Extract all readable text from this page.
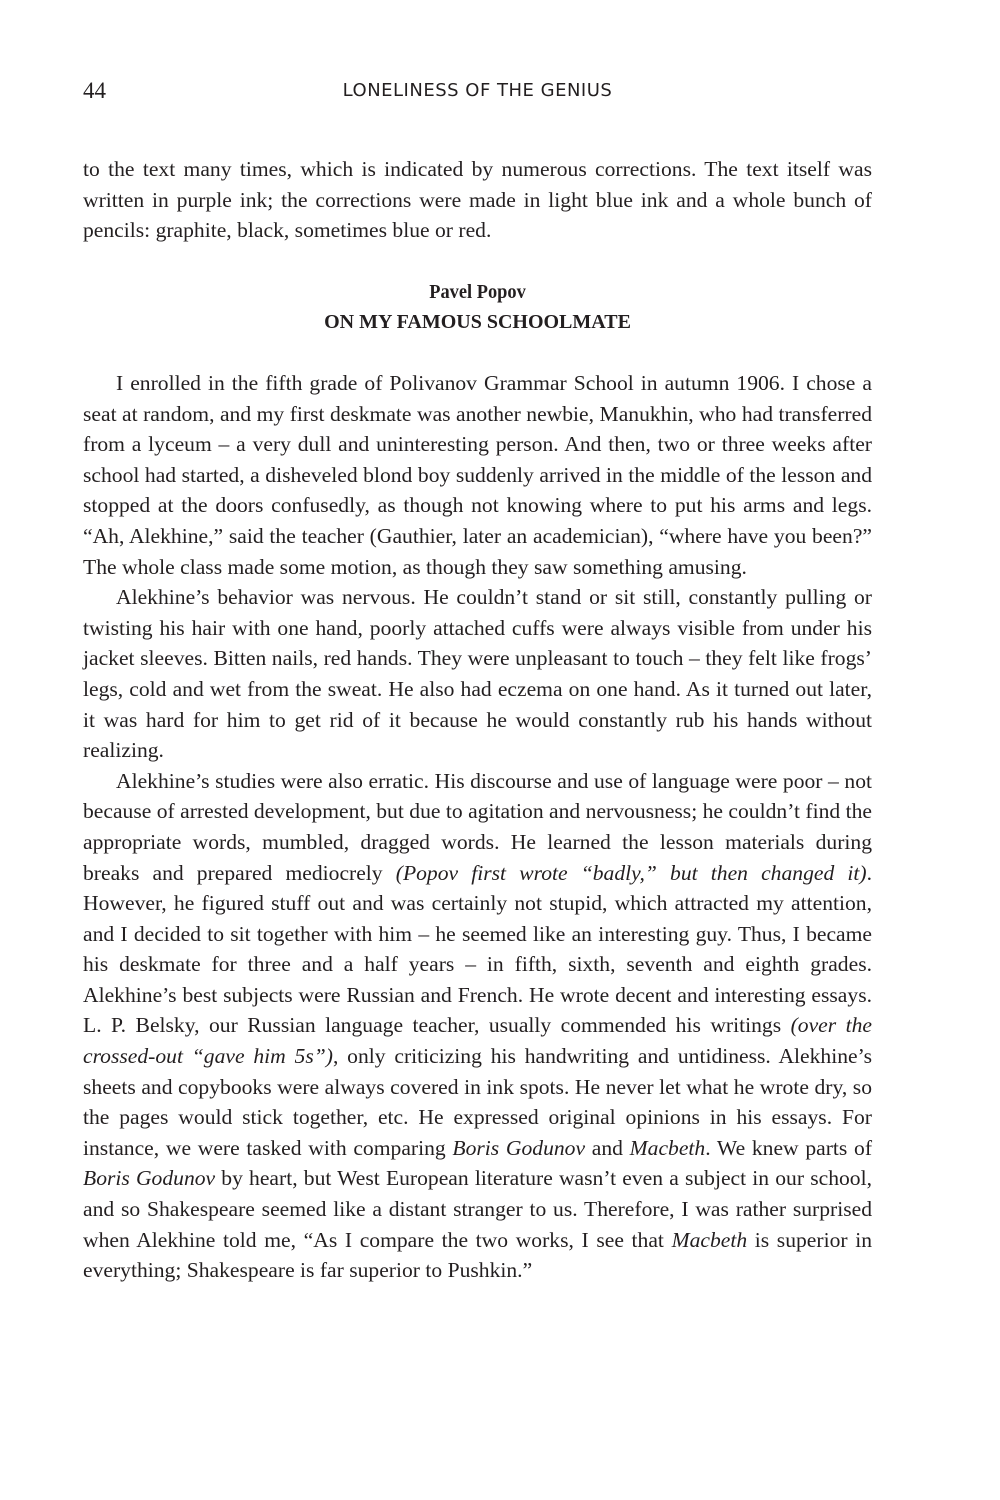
44	LONELINESS OF THE GENIUS

to the text many times, which is indicated by numerous corrections. The text itself was written in purple ink; the corrections were made in light blue ink and a whole bunch of pencils: graphite, black, sometimes blue or red.

Pavel Popov
ON MY FAMOUS SCHOOLMATE

I enrolled in the fifth grade of Polivanov Grammar School in autumn 1906. I chose a seat at random, and my first deskmate was another newbie, Manukhin, who had transferred from a lyceum – a very dull and uninteresting person. And then, two or three weeks after school had started, a disheveled blond boy suddenly arrived in the middle of the lesson and stopped at the doors confusedly, as though not knowing where to put his arms and legs. “Ah, Alekhine,” said the teacher (Gauthier, later an academician), “where have you been?” The whole class made some motion, as though they saw something amusing.

Alekhine’s behavior was nervous. He couldn’t stand or sit still, constantly pulling or twisting his hair with one hand, poorly attached cuffs were always visible from under his jacket sleeves. Bitten nails, red hands. They were unpleasant to touch – they felt like frogs’ legs, cold and wet from the sweat. He also had eczema on one hand. As it turned out later, it was hard for him to get rid of it because he would constantly rub his hands without realizing.

Alekhine’s studies were also erratic. His discourse and use of language were poor – not because of arrested development, but due to agitation and nervousness; he couldn’t find the appropriate words, mumbled, dragged words. He learned the lesson materials during breaks and prepared mediocrely (Popov first wrote “badly,” but then changed it). However, he figured stuff out and was certainly not stupid, which attracted my attention, and I decided to sit together with him – he seemed like an interesting guy. Thus, I became his deskmate for three and a half years – in fifth, sixth, seventh and eighth grades. Alekhine’s best subjects were Russian and French. He wrote decent and interesting essays. L. P. Belsky, our Russian language teacher, usually commended his writings (over the crossed-out “gave him 5s”), only criticizing his handwriting and untidiness. Alekhine’s sheets and copybooks were always covered in ink spots. He never let what he wrote dry, so the pages would stick together, etc. He expressed original opinions in his essays. For instance, we were tasked with comparing Boris Godunov and Macbeth. We knew parts of Boris Godunov by heart, but West European literature wasn’t even a subject in our school, and so Shakespeare seemed like a distant stranger to us. Therefore, I was rather surprised when Alekhine told me, “As I compare the two works, I see that Macbeth is superior in everything; Shakespeare is far superior to Pushkin.”
